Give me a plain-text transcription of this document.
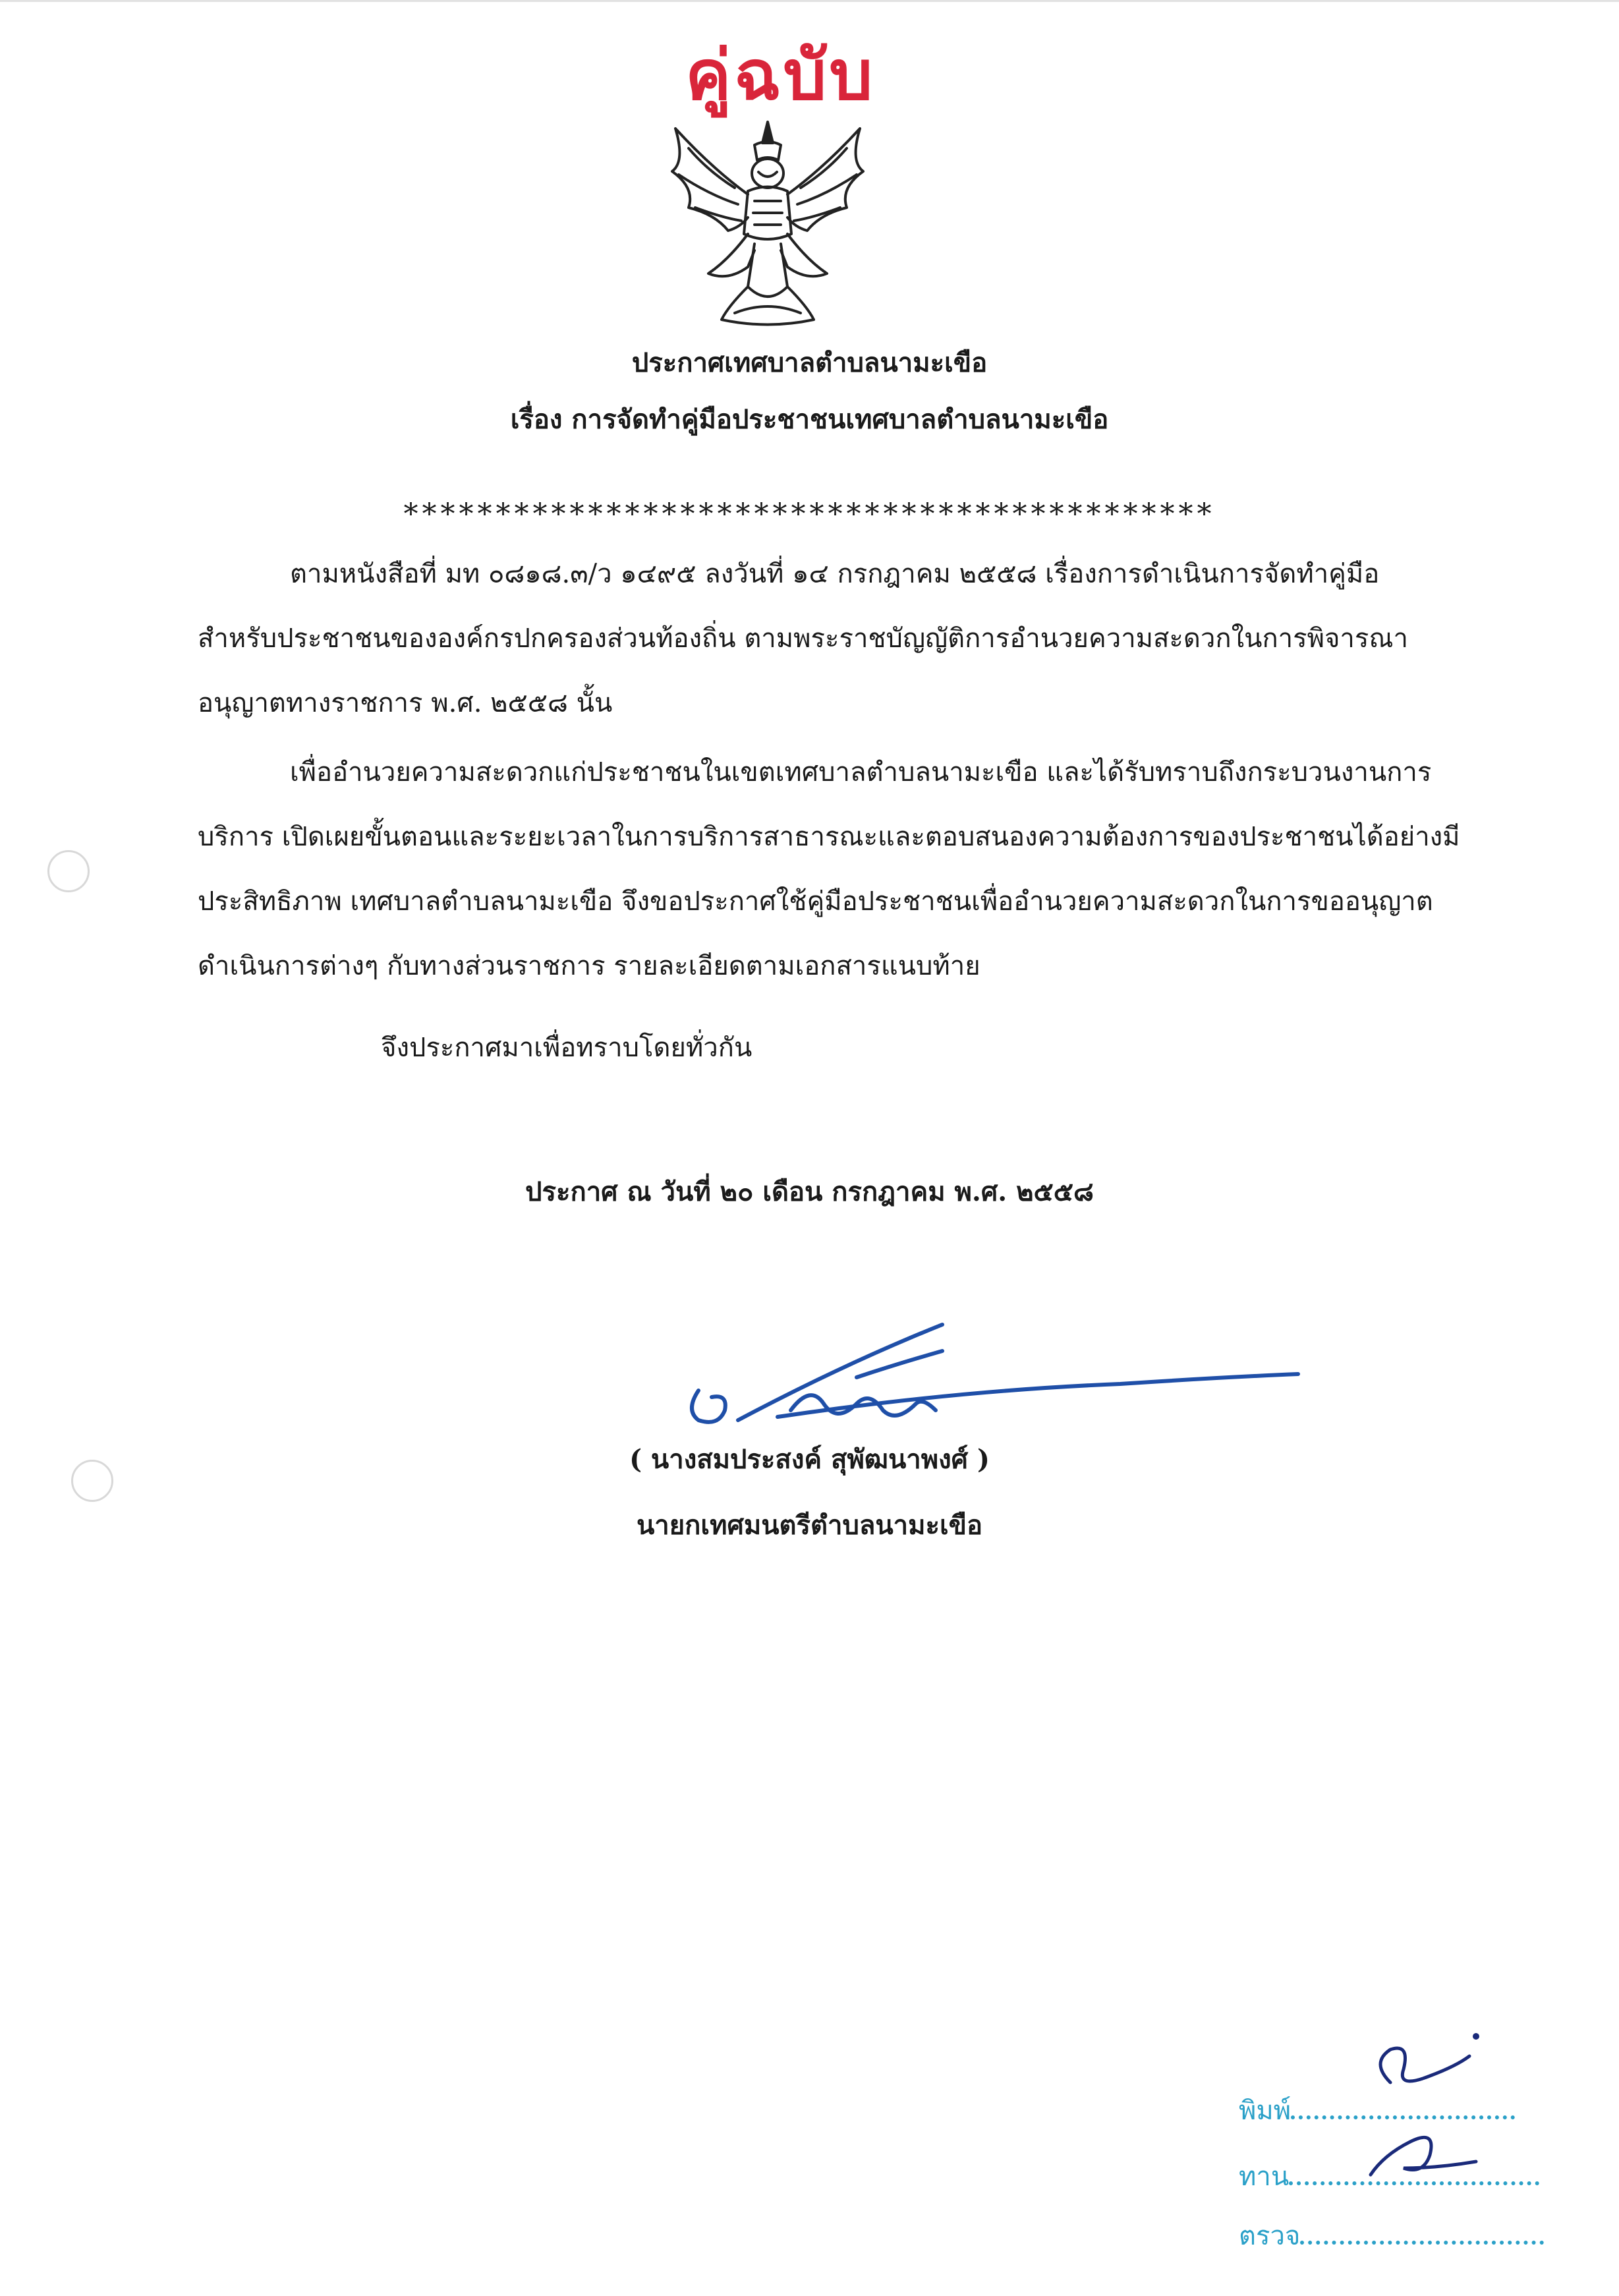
คู่ฉบับ
ประกาศเทศบาลตำบลนามะเขือ
เรื่อง การจัดทำคู่มือประชาชนเทศบาลตำบลนามะเขือ
********************************************
ตามหนังสือที่ มท ๐๘๑๘.๓/ว ๑๔๙๕ ลงวันที่ ๑๔ กรกฎาคม ๒๕๕๘ เรื่องการดำเนินการจัดทำคู่มือ
สำหรับประชาชนขององค์กรปกครองส่วนท้องถิ่น ตามพระราชบัญญัติการอำนวยความสะดวกในการพิจารณา
อนุญาตทางราชการ พ.ศ. ๒๕๕๘ นั้น
เพื่ออำนวยความสะดวกแก่ประชาชนในเขตเทศบาลตำบลนามะเขือ และได้รับทราบถึงกระบวนงานการ
บริการ เปิดเผยขั้นตอนและระยะเวลาในการบริการสาธารณะและตอบสนองความต้องการของประชาชนได้อย่างมี
ประสิทธิภาพ เทศบาลตำบลนามะเขือ จึงขอประกาศใช้คู่มือประชาชนเพื่ออำนวยความสะดวกในการขออนุญาต
ดำเนินการต่างๆ กับทางส่วนราชการ รายละเอียดตามเอกสารแนบท้าย
จึงประกาศมาเพื่อทราบโดยทั่วกัน
ประกาศ ณ วันที่ ๒๐ เดือน กรกฎาคม พ.ศ. ๒๕๕๘
( นางสมประสงค์ สุพัฒนาพงศ์ )
นายกเทศมนตรีตำบลนามะเขือ
พิมพ์
ทาน
ตรวจ
